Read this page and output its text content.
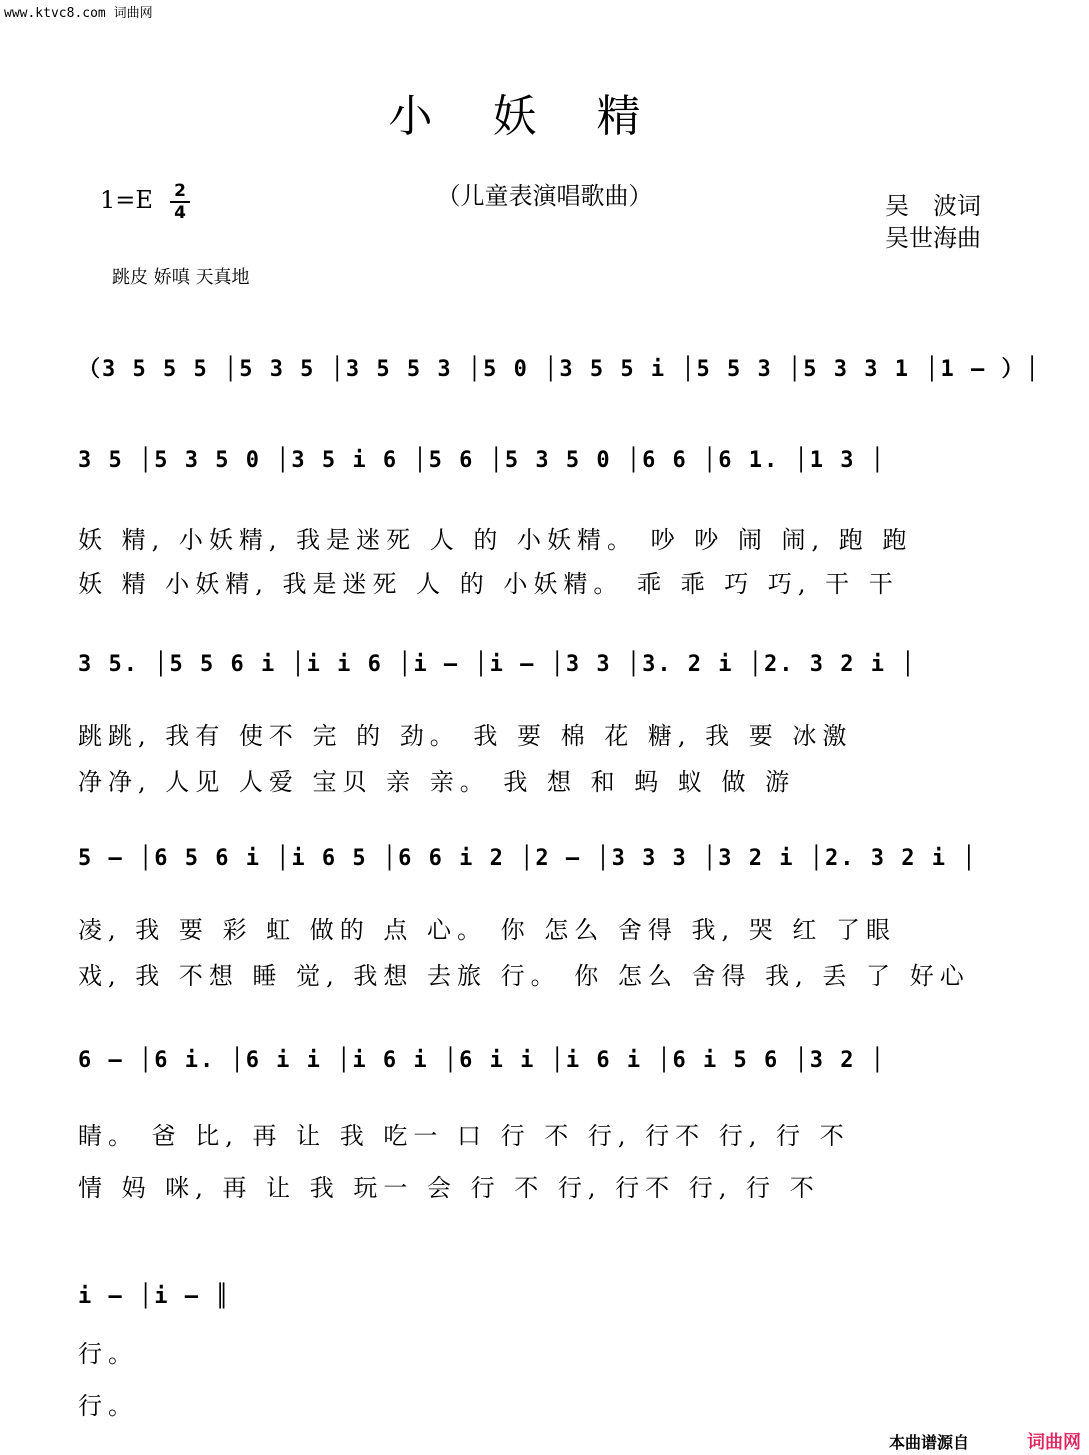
www.ktvc8.com 词曲网
小妖精
（儿童表演唱歌曲）
1=E 2
4	吴　波词
吴世海曲
跳皮 娇嗔 天真地
（3 5 5 5 │5 3 5 │3 5 5 3 │5 0 │3 5 5 i │5 5 3 │5 3 3 1 │1 – ）│
3 5 │5 3 5 0 │3 5 i 6 │5 6 │5 3 5 0 │6 6 │6 1. │1 3 │
妖 精, 小妖精, 我是迷死 人 的 小妖精。 吵 吵 闹 闹, 跑 跑
妖 精 小妖精, 我是迷死 人 的 小妖精。 乖 乖 巧 巧, 干 干
3 5. │5 5 6 i │i i 6 │i – │i – │3 3 │3. 2 i │2. 3 2 i │
跳跳, 我有 使不 完 的 劲。 我 要 棉 花 糖, 我 要 冰激
净净, 人见 人爱 宝贝 亲 亲。 我 想 和 蚂 蚁 做 游
5 – │6 5 6 i │i 6 5 │6 6 i 2 │2 – │3 3 3 │3 2 i │2. 3 2 i │
凌, 我 要 彩 虹 做的 点 心。 你 怎么 舍得 我, 哭 红 了眼
戏, 我 不想 睡 觉, 我想 去旅 行。 你 怎么 舍得 我, 丢 了 好心
6 – │6 i. │6 i i │i 6 i │6 i i │i 6 i │6 i 5 6 │3 2 │
睛。 爸 比, 再 让 我 吃一 口 行 不 行, 行不 行, 行 不
情 妈 咪, 再 让 我 玩一 会 行 不 行, 行不 行, 行 不
i – │i – ║
行。
行。
本曲谱源自	词曲网
